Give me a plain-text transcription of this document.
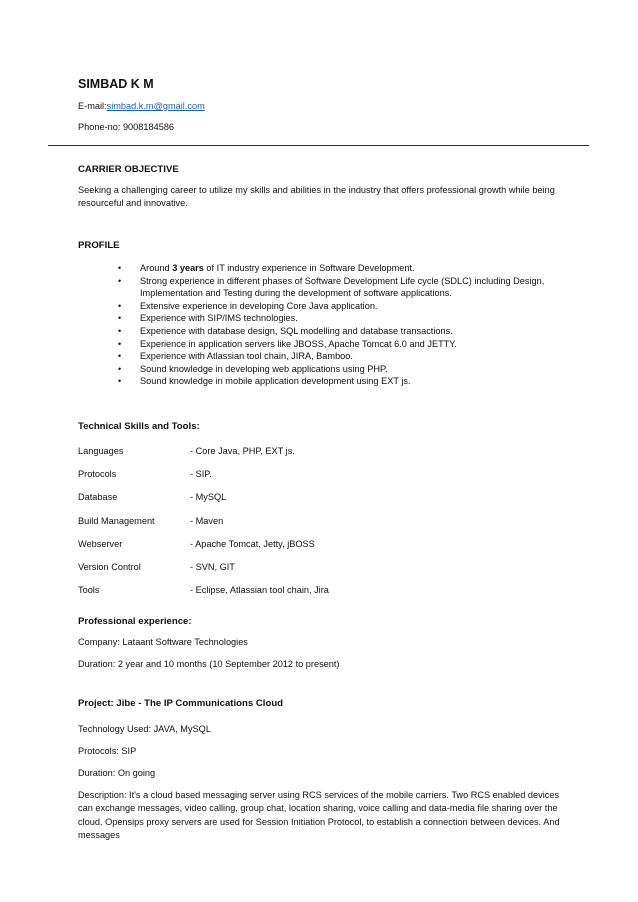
SIMBAD K M
E-mail:simbad.k.m@gmail.com
Phone-no: 9008184586
CARRIER OBJECTIVE
Seeking a challenging career to utilize my skills and abilities in the industry that offers professional growth while being resourceful and innovative.
PROFILE
• Around 3 years of IT industry experience in Software Development.
• Strong experience in different phases of Software Development Life cycle (SDLC) including Design, Implementation and Testing during the development of software applications.
• Extensive experience in developing Core Java application.
• Experience with SIP/IMS technologies.
• Experience with database design, SQL modelling and database transactions.
• Experience in application servers like JBOSS, Apache Tomcat 6.0 and JETTY.
• Experience with Atlassian tool chain, JIRA, Bamboo.
• Sound knowledge in developing web applications using PHP.
• Sound knowledge in mobile application development using EXT js.
Technical Skills and Tools:
Languages	- Core Java, PHP, EXT js.
Protocols	- SIP.
Database	- MySQL
Build Management	- Maven
Webserver	- Apache Tomcat, Jetty, jBOSS
Version Control	- SVN, GIT
Tools	- Eclipse, Atlassian tool chain, Jira
Professional experience:
Company: Lataant Software Technologies
Duration: 2 year and 10 months (10 September 2012 to present)
Project: Jibe - The IP Communications Cloud
Technology Used: JAVA, MySQL
Protocols: SIP
Duration: On going
Description: It's a cloud based messaging server using RCS services of the mobile carriers. Two RCS enabled devices can exchange messages, video calling, group chat, location sharing, voice calling and data-media file sharing over the cloud. Opensips proxy servers are used for Session Initiation Protocol, to establish a connection between devices. And messages
